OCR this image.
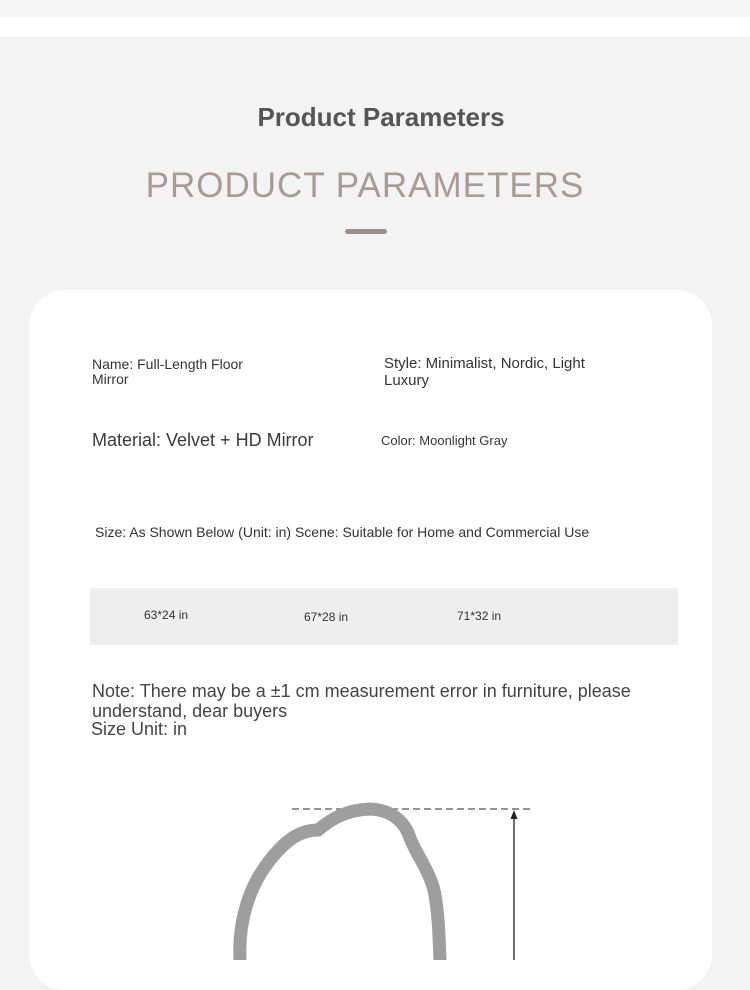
Product Parameters
PRODUCT PARAMETERS
Name: Full-Length Floor Mirror
Style: Minimalist, Nordic, Light Luxury
Material: Velvet + HD Mirror	Color: Moonlight Gray
Size: As Shown Below (Unit: in) Scene: Suitable for Home and Commercial Use
63*24 in	67*28 in	71*32 in
Note: There may be a ±1 cm measurement error in furniture, please understand, dear buyers
Size Unit: in
